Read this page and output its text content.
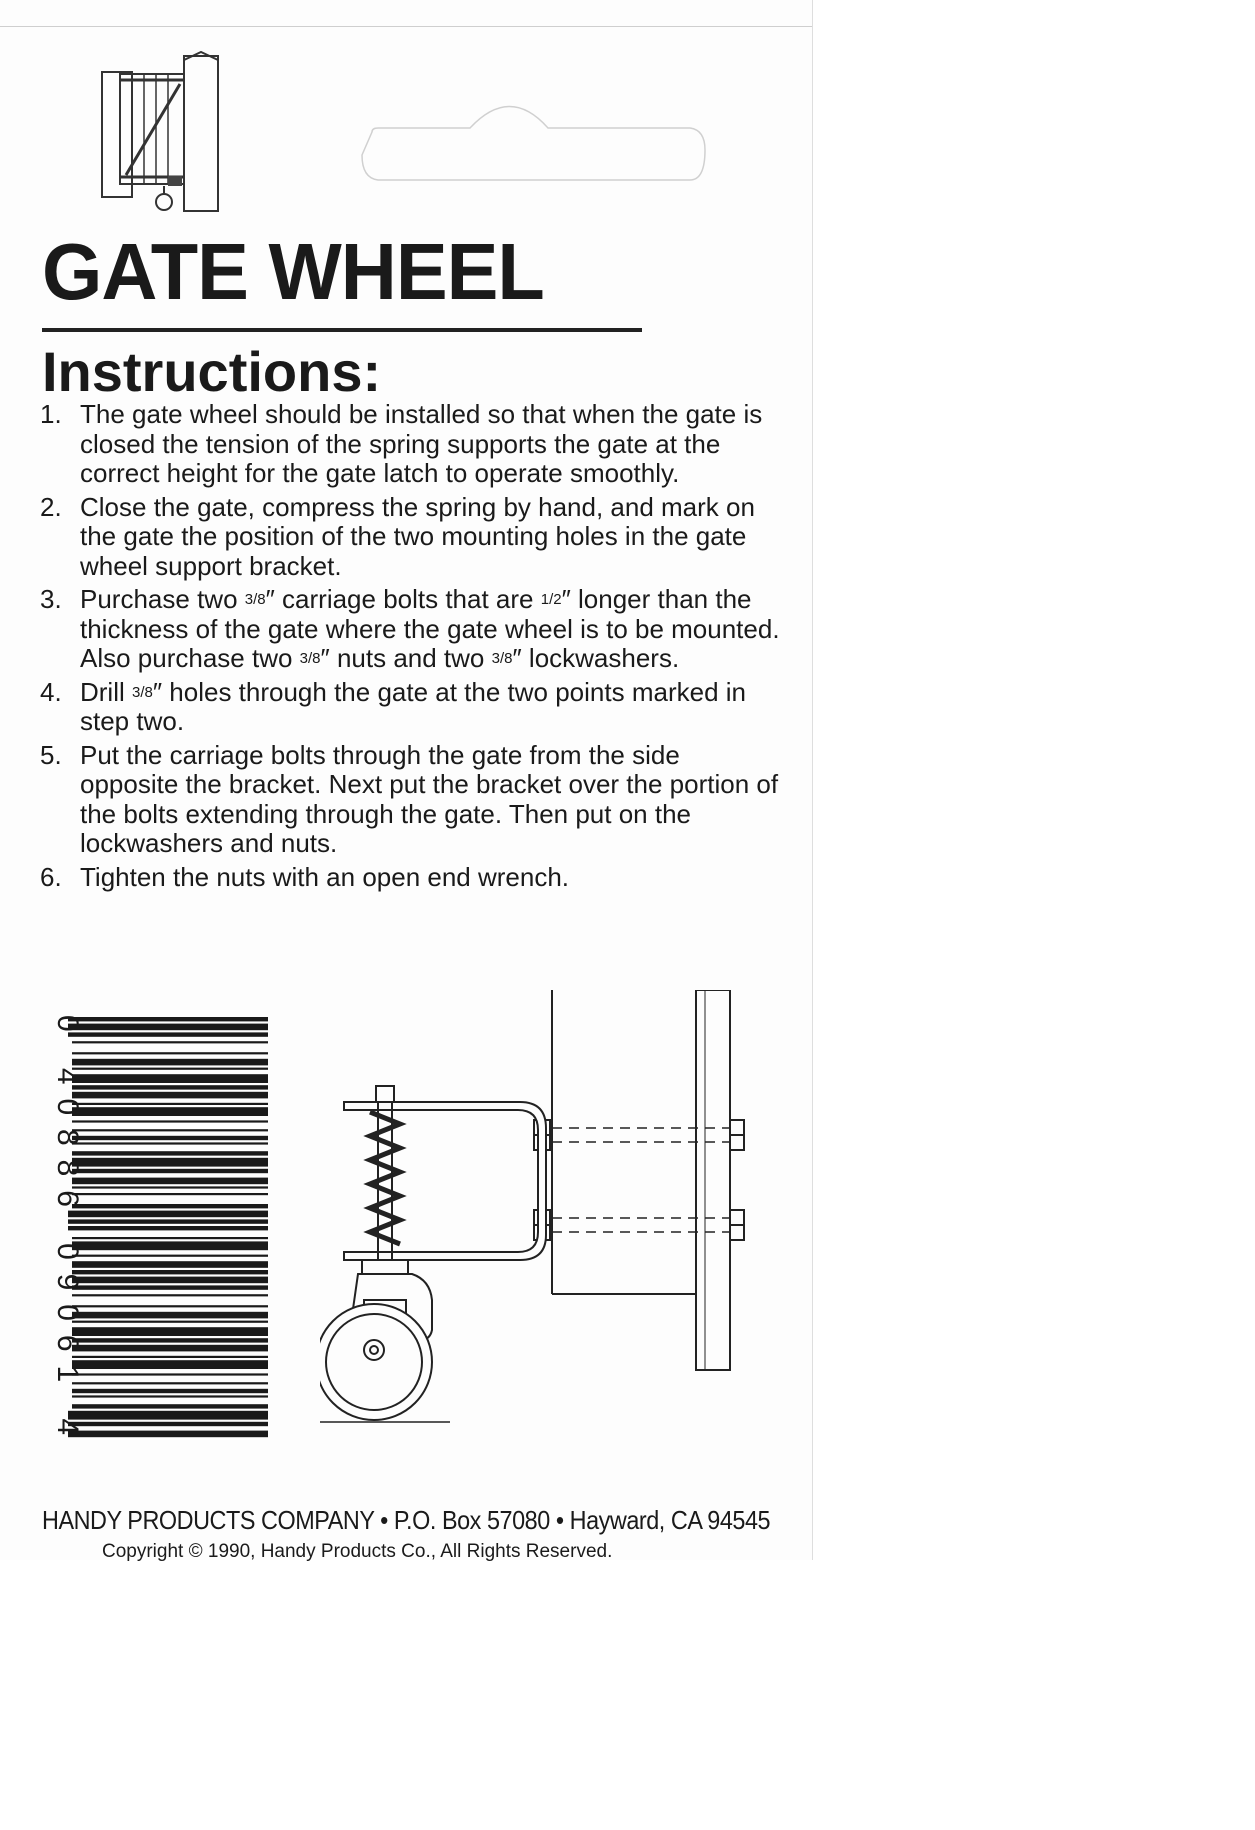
GATE WHEEL
Instructions:
1. The gate wheel should be installed so that when the gate is closed the tension of the spring supports the gate at the correct height for the gate latch to operate smoothly.
2. Close the gate, compress the spring by hand, and mark on the gate the position of the two mounting holes in the gate wheel support bracket.
3. Purchase two 3/8″ carriage bolts that are 1/2″ longer than the thickness of the gate where the gate wheel is to be mounted. Also purchase two 3/8″ nuts and two 3/8″ lockwashers.
4. Drill 3/8″ holes through the gate at the two points marked in step two.
5. Put the carriage bolts through the gate from the side opposite the bracket. Next put the bracket over the portion of the bolts extending through the gate. Then put on the lockwashers and nuts.
6. Tighten the nuts with an open end wrench.
0 40886 09061 4
HANDY PRODUCTS COMPANY • P.O. Box 57080 • Hayward, CA 94545
Copyright © 1990, Handy Products Co., All Rights Reserved.
